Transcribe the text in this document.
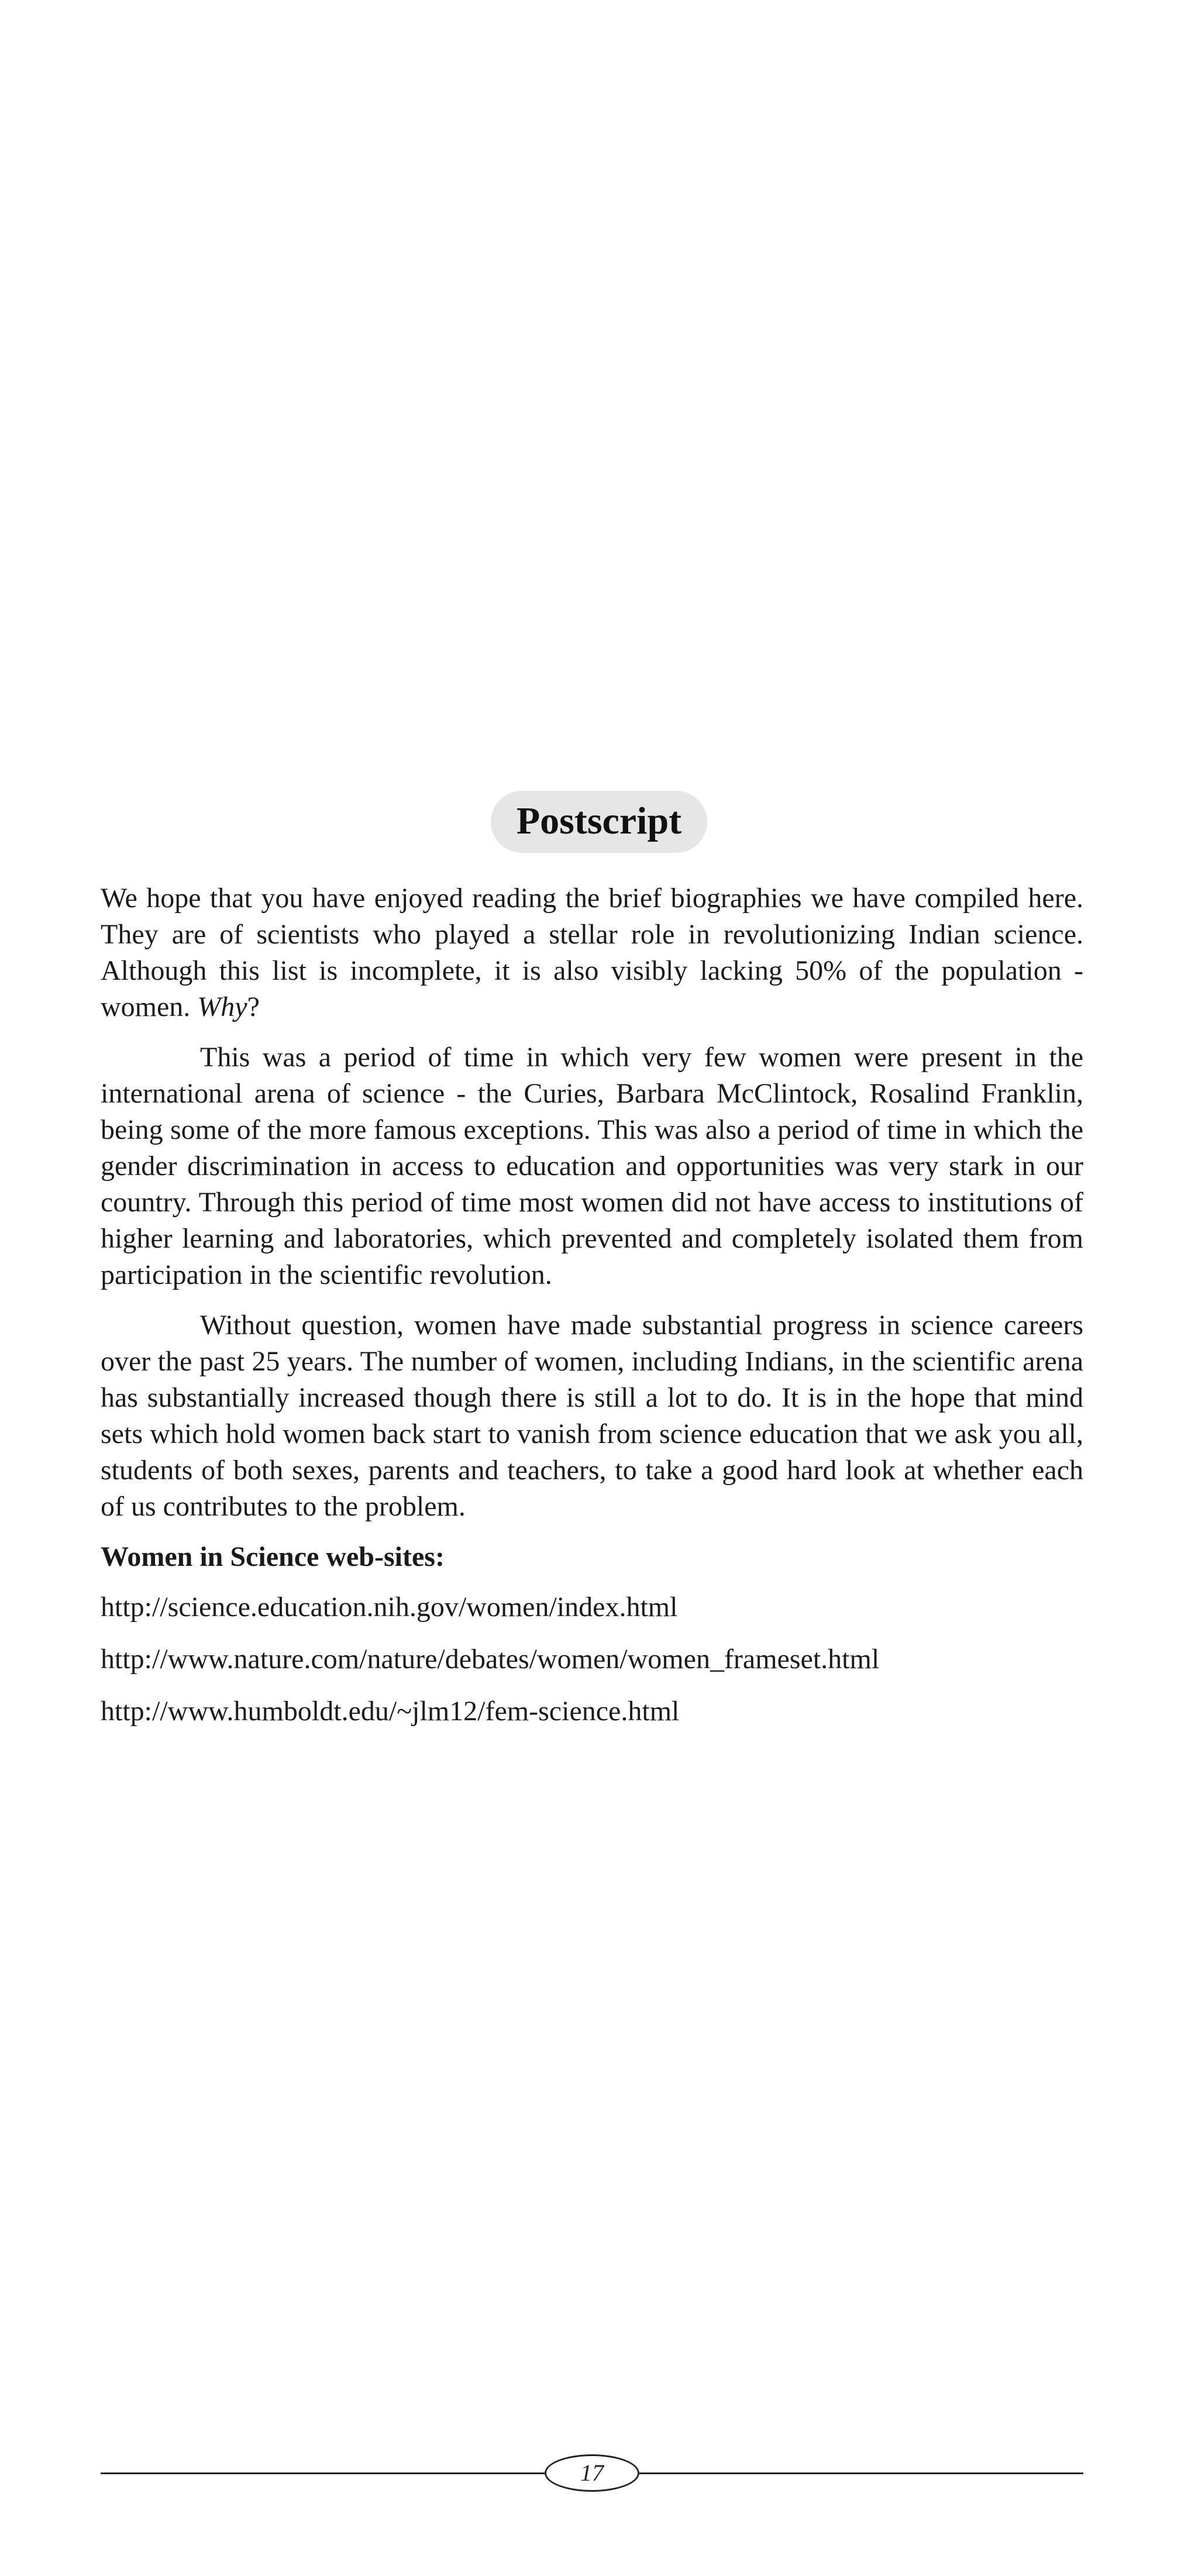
Postscript

We hope that you have enjoyed reading the brief biographies we have compiled here. They are of scientists who played a stellar role in revolutionizing Indian science. Although this list is incomplete, it is also visibly lacking 50% of the population - women. Why?

This was a period of time in which very few women were present in the international arena of science - the Curies, Barbara McClintock, Rosalind Franklin, being some of the more famous exceptions. This was also a period of time in which the gender discrimination in access to education and opportunities was very stark in our country. Through this period of time most women did not have access to institutions of higher learning and laboratories, which prevented and completely isolated them from participation in the scientific revolution.

Without question, women have made substantial progress in science careers over the past 25 years. The number of women, including Indians, in the scientific arena has substantially increased though there is still a lot to do. It is in the hope that mind sets which hold women back start to vanish from science education that we ask you all, students of both sexes, parents and teachers, to take a good hard look at whether each of us contributes to the problem.

Women in Science web-sites:

http://science.education.nih.gov/women/index.html

http://www.nature.com/nature/debates/women/women_frameset.html

http://www.humboldt.edu/~jlm12/fem-science.html

17
